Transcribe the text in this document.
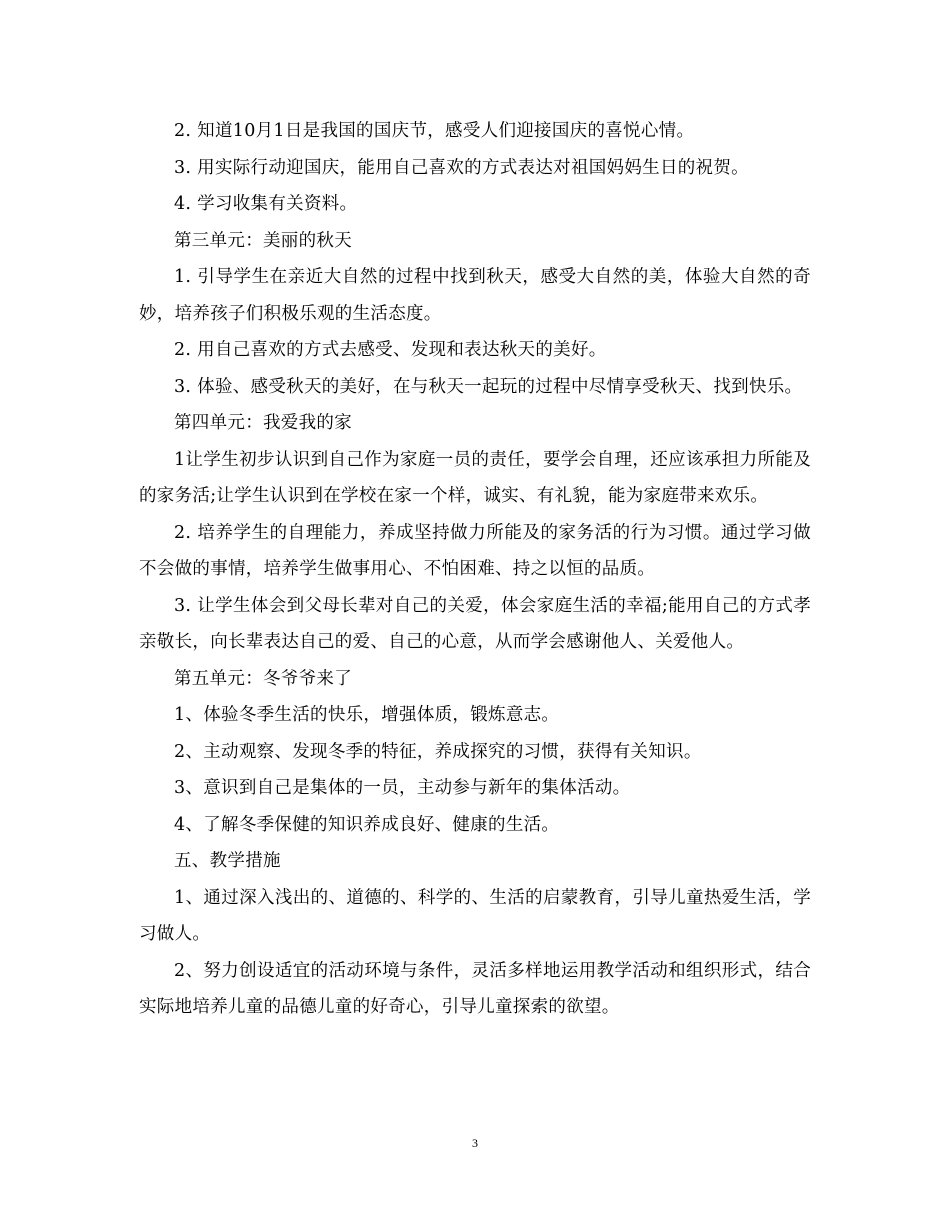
2. 知道10月1日是我国的国庆节，感受人们迎接国庆的喜悦心情。

3. 用实际行动迎国庆，能用自己喜欢的方式表达对祖国妈妈生日的祝贺。

4. 学习收集有关资料。

第三单元：美丽的秋天

1. 引导学生在亲近大自然的过程中找到秋天，感受大自然的美，体验大自然的奇妙，培养孩子们积极乐观的生活态度。

2. 用自己喜欢的方式去感受、发现和表达秋天的美好。

3. 体验、感受秋天的美好，在与秋天一起玩的过程中尽情享受秋天、找到快乐。

第四单元：我爱我的家

1让学生初步认识到自己作为家庭一员的责任，要学会自理，还应该承担力所能及的家务活;让学生认识到在学校在家一个样，诚实、有礼貌，能为家庭带来欢乐。

2. 培养学生的自理能力，养成坚持做力所能及的家务活的行为习惯。通过学习做不会做的事情，培养学生做事用心、不怕困难、持之以恒的品质。

3. 让学生体会到父母长辈对自己的关爱，体会家庭生活的幸福;能用自己的方式孝亲敬长，向长辈表达自己的爱、自己的心意，从而学会感谢他人、关爱他人。

第五单元：冬爷爷来了

1、体验冬季生活的快乐，增强体质，锻炼意志。

2、主动观察、发现冬季的特征，养成探究的习惯，获得有关知识。

3、意识到自己是集体的一员，主动参与新年的集体活动。

4、了解冬季保健的知识养成良好、健康的生活。

五、教学措施

1、通过深入浅出的、道德的、科学的、生活的启蒙教育，引导儿童热爱生活，学习做人。

2、努力创设适宜的活动环境与条件，灵活多样地运用教学活动和组织形式，结合实际地培养儿童的品德儿童的好奇心，引导儿童探索的欲望。

3
